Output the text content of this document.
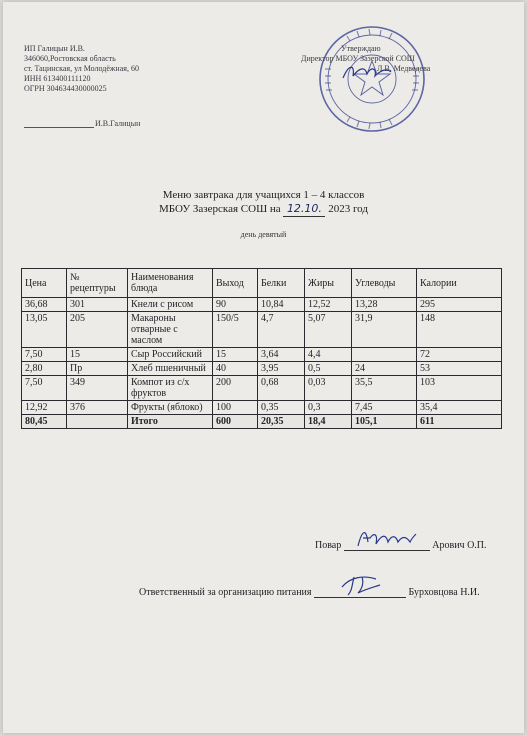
ИП Галицын И.В.
346060,Ростовская область
ст. Тацинская, ул Молодёжная, 60
ИНН 613400111120
ОГРН 304634430000025
И.В.Галицын
Утверждаю
Директор МБОУ Зазерской СОШ
Л.В. Медведева
Меню завтрака для учащихся 1 – 4 классов
МБОУ Зазерская СОШ на 12.10. 2023 год
день девятый
Цена	№ рецептуры	Наименования блюда	Выход	Белки	Жиры	Углеводы	Калории
36,68	301	Кнели с рисом	90	10,84	12,52	13,28	295
13,05	205	Макароны отварные с маслом	150/5	4,7	5,07	31,9	148
7,50	15	Сыр Российский	15	3,64	4,4		72
2,80	Пр	Хлеб пшеничный	40	3,95	0,5	24	53
7,50	349	Компот из с/х фруктов	200	0,68	0,03	35,5	103
12,92	376	Фрукты (яблоко)	100	0,35	0,3	7,45	35,4
80,45		Итого	600	20,35	18,4	105,1	611
Повар	Арович О.П.
Ответственный за организацию питания	Бурховцова Н.И.
